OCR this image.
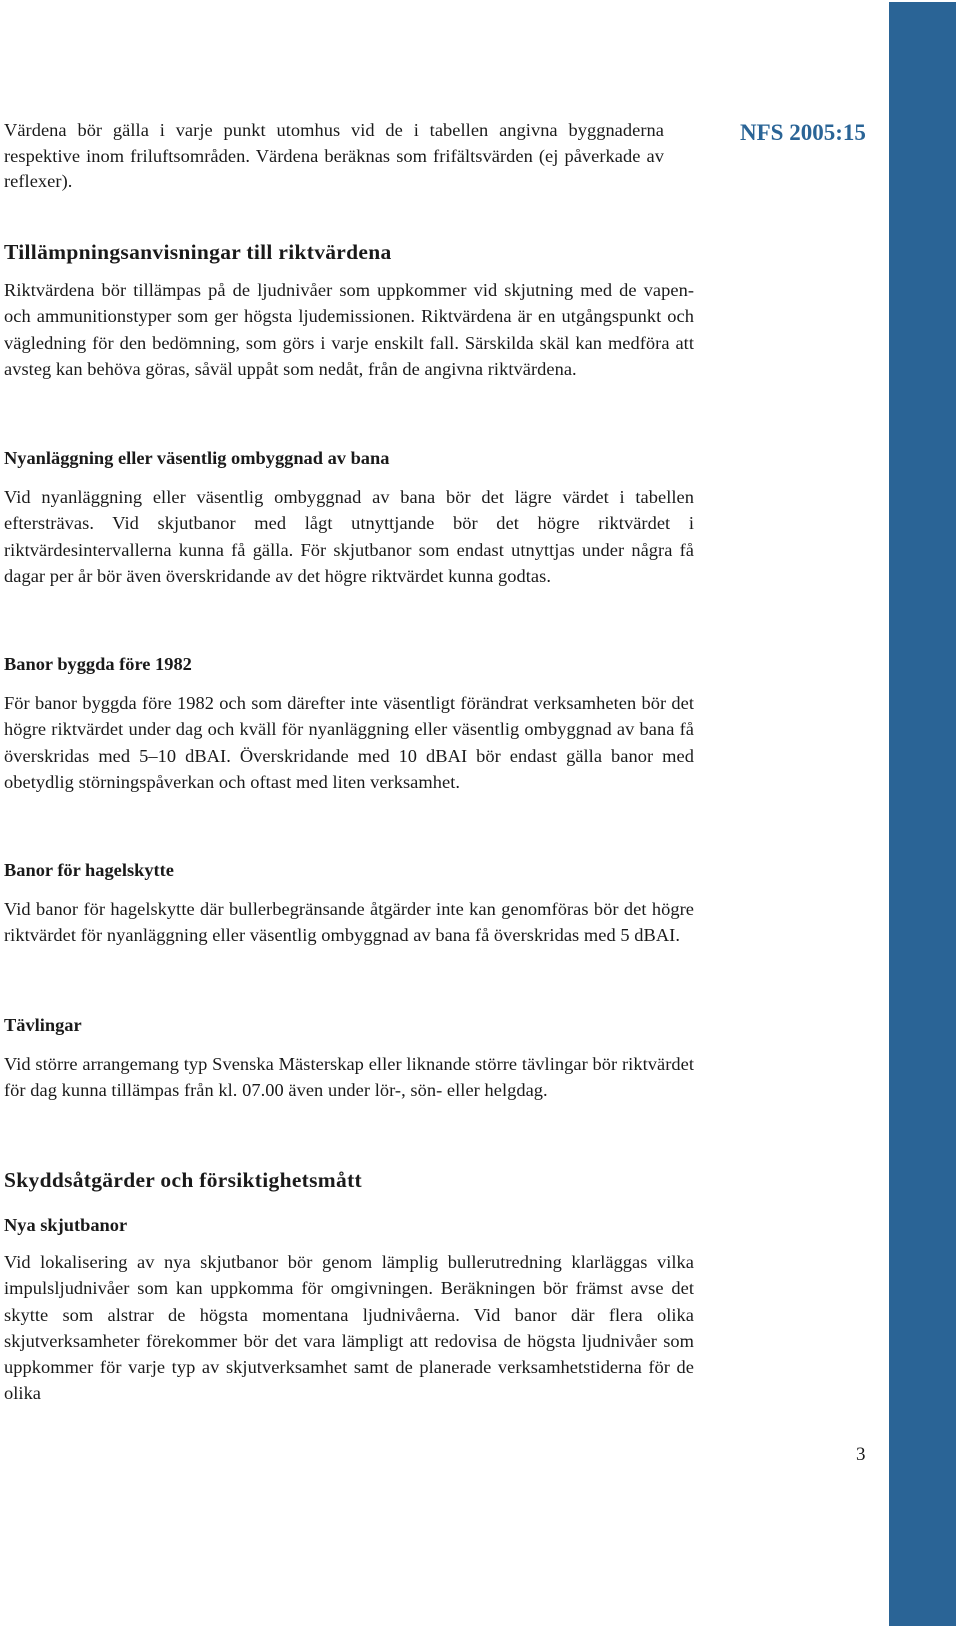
NFS 2005:15

Värdena bör gälla i varje punkt utomhus vid de i tabellen angivna byggnaderna respektive inom friluftsområden. Värdena beräknas som frifältsvärden (ej påverkade av reflexer).

Tillämpningsanvisningar till riktvärdena

Riktvärdena bör tillämpas på de ljudnivåer som uppkommer vid skjutning med de vapen- och ammunitionstyper som ger högsta ljudemissionen. Riktvärdena är en utgångspunkt och vägledning för den bedömning, som görs i varje enskilt fall. Särskilda skäl kan medföra att avsteg kan behöva göras, såväl uppåt som nedåt, från de angivna riktvärdena.

Nyanläggning eller väsentlig ombyggnad av bana

Vid nyanläggning eller väsentlig ombyggnad av bana bör det lägre värdet i tabellen eftersträvas. Vid skjutbanor med lågt utnyttjande bör det högre riktvärdet i riktvärdesintervallerna kunna få gälla. För skjutbanor som endast utnyttjas under några få dagar per år bör även överskridande av det högre riktvärdet kunna godtas.

Banor byggda före 1982

För banor byggda före 1982 och som därefter inte väsentligt förändrat verksamheten bör det högre riktvärdet under dag och kväll för nyanläggning eller väsentlig ombyggnad av bana få överskridas med 5–10 dBAI. Överskridande med 10 dBAI bör endast gälla banor med obetydlig störningspåverkan och oftast med liten verksamhet.

Banor för hagelskytte

Vid banor för hagelskytte där bullerbegränsande åtgärder inte kan genomföras bör det högre riktvärdet för nyanläggning eller väsentlig ombyggnad av bana få överskridas med 5 dBAI.

Tävlingar

Vid större arrangemang typ Svenska Mästerskap eller liknande större tävlingar bör riktvärdet för dag kunna tillämpas från kl. 07.00 även under lör-, sön- eller helgdag.

Skyddsåtgärder och försiktighetsmått
Nya skjutbanor

Vid lokalisering av nya skjutbanor bör genom lämplig bullerutredning klarläggas vilka impulsljudnivåer som kan uppkomma för omgivningen. Beräkningen bör främst avse det skytte som alstrar de högsta momentana ljudnivåerna. Vid banor där flera olika skjutverksamheter förekommer bör det vara lämpligt att redovisa de högsta ljudnivåer som uppkommer för varje typ av skjutverksamhet samt de planerade verksamhetstiderna för de olika

3
